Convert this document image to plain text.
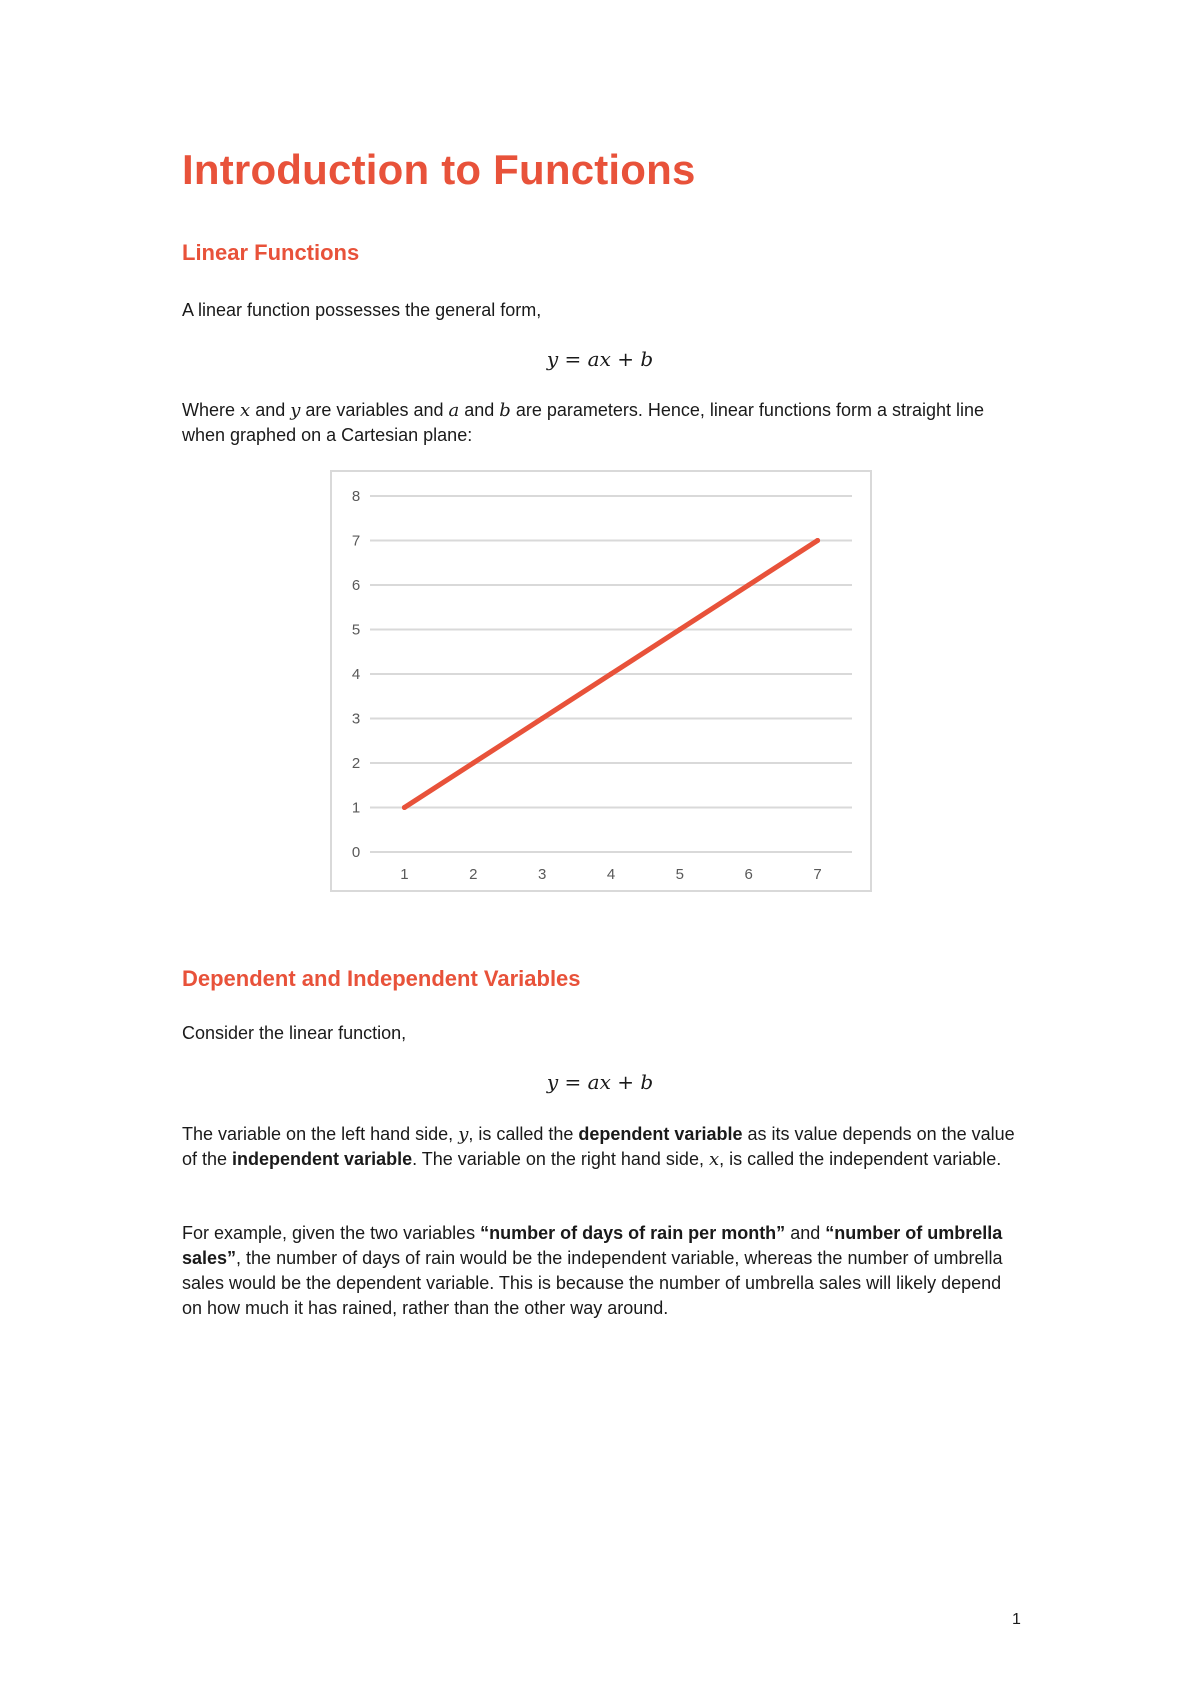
Introduction to Functions
Linear Functions

A linear function possesses the general form,

y = ax + b

Where x and y are variables and a and b are parameters. Hence, linear functions form a straight line when graphed on a Cartesian plane:

0
1
2
3
4
5
6
7
8
1	2	3	4	5	6	7
Dependent and Independent Variables

Consider the linear function,

y = ax + b

The variable on the left hand side, y, is called the dependent variable as its value depends on the value of the independent variable. The variable on the right hand side, x, is called the independent variable.

For example, given the two variables “number of days of rain per month” and “number of umbrella sales”, the number of days of rain would be the independent variable, whereas the number of umbrella sales would be the dependent variable. This is because the number of umbrella sales will likely depend on how much it has rained, rather than the other way around.

1
